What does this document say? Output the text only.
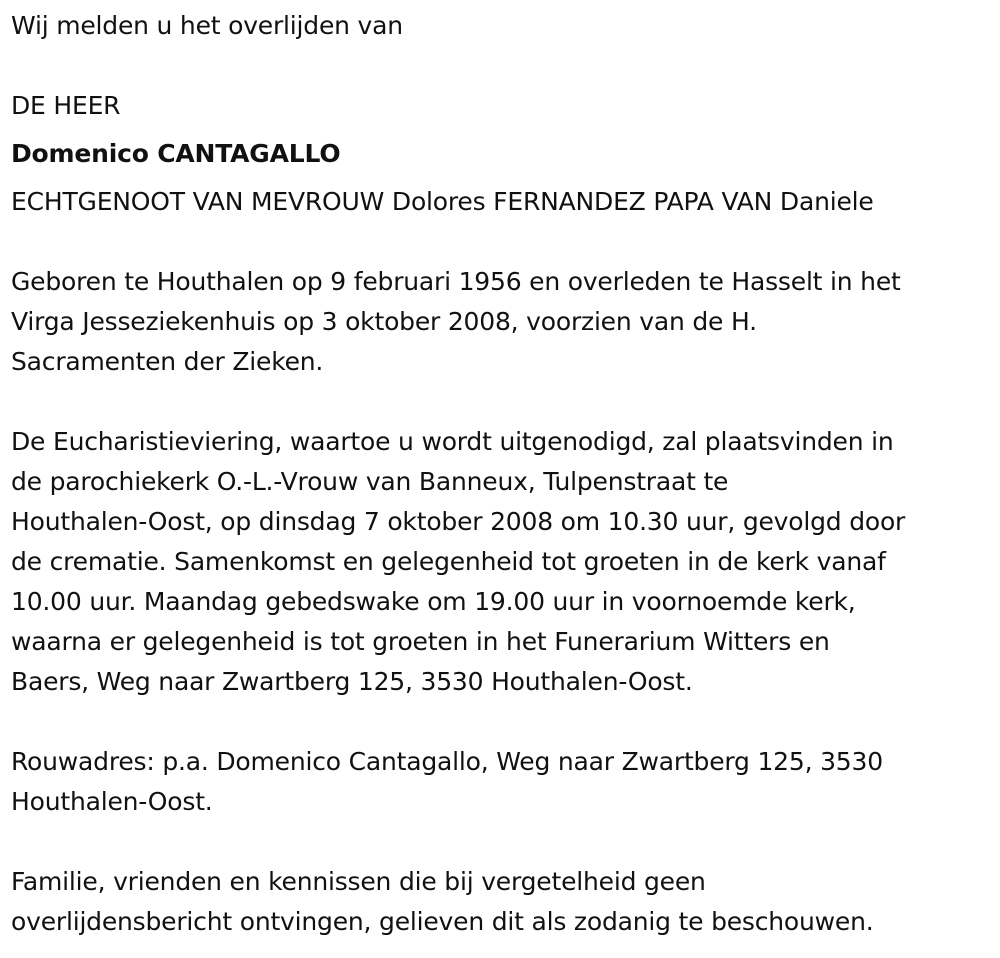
Wij melden u het overlijden van
DE HEER
Domenico CANTAGALLO
ECHTGENOOT VAN MEVROUW Dolores FERNANDEZ PAPA VAN Daniele
Geboren te Houthalen op 9 februari 1956 en overleden te Hasselt in het
Virga Jesseziekenhuis op 3 oktober 2008, voorzien van de H.
Sacramenten der Zieken.
De Eucharistieviering, waartoe u wordt uitgenodigd, zal plaatsvinden in
de parochiekerk O.-L.-Vrouw van Banneux, Tulpenstraat te
Houthalen-Oost, op dinsdag 7 oktober 2008 om 10.30 uur, gevolgd door
de crematie. Samenkomst en gelegenheid tot groeten in de kerk vanaf
10.00 uur. Maandag gebedswake om 19.00 uur in voornoemde kerk,
waarna er gelegenheid is tot groeten in het Funerarium Witters en
Baers, Weg naar Zwartberg 125, 3530 Houthalen-Oost.
Rouwadres: p.a. Domenico Cantagallo, Weg naar Zwartberg 125, 3530
Houthalen-Oost.
Familie, vrienden en kennissen die bij vergetelheid geen
overlijdensbericht ontvingen, gelieven dit als zodanig te beschouwen.
